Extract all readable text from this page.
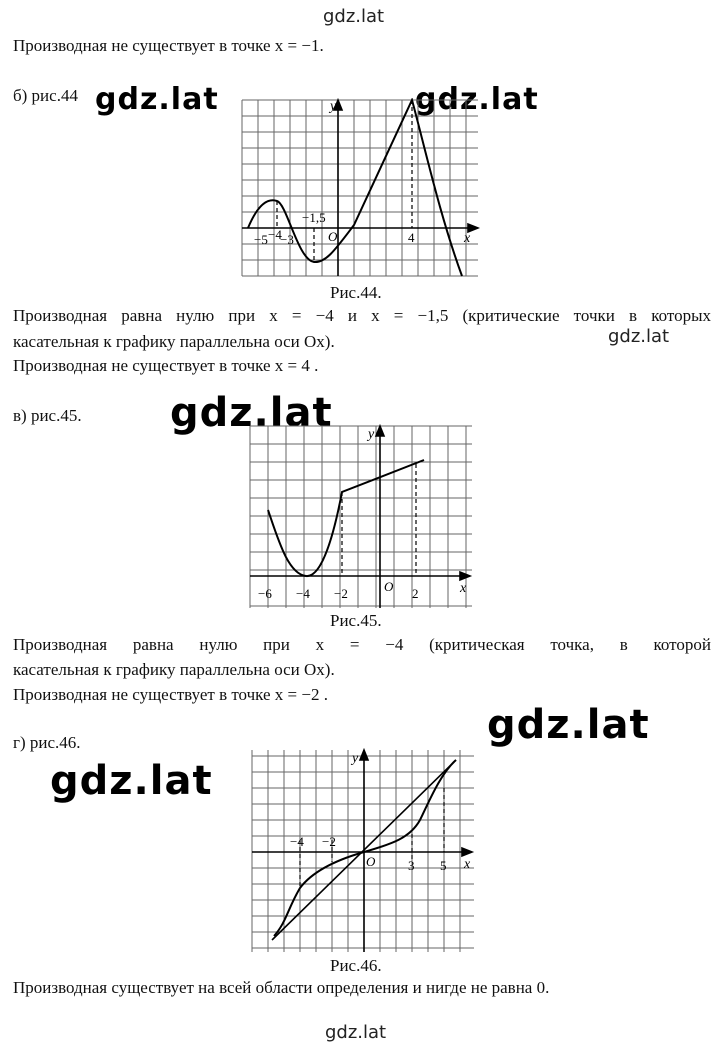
gdz.lat
Производная не существует в точке x = −1.
б) рис.44 gdz.lat	gdz.lat
y
x
O
−1,5
−5 −4
−3	4
Рис.44.
Производная равна нулю при x = −4 и x = −1,5 (критические точки в которых
касательная к графику параллельна оси Ох).	gdz.lat
Производная не существует в точке x = 4 .
в) рис.45. gdz.lat	y
x
O
−6 −4 −2	2
Рис.45.
Производная равна нулю при x = −4 (критическая точка, в которой
касательная к графику параллельна оси Ох).
Производная не существует в точке x = −2 .
gdz.lat
г) рис.46.
gdz.lat	y
x
O
−4 −2
3 5
Рис.46.
Производная существует на всей области определения и нигде не равна 0.
gdz.lat
